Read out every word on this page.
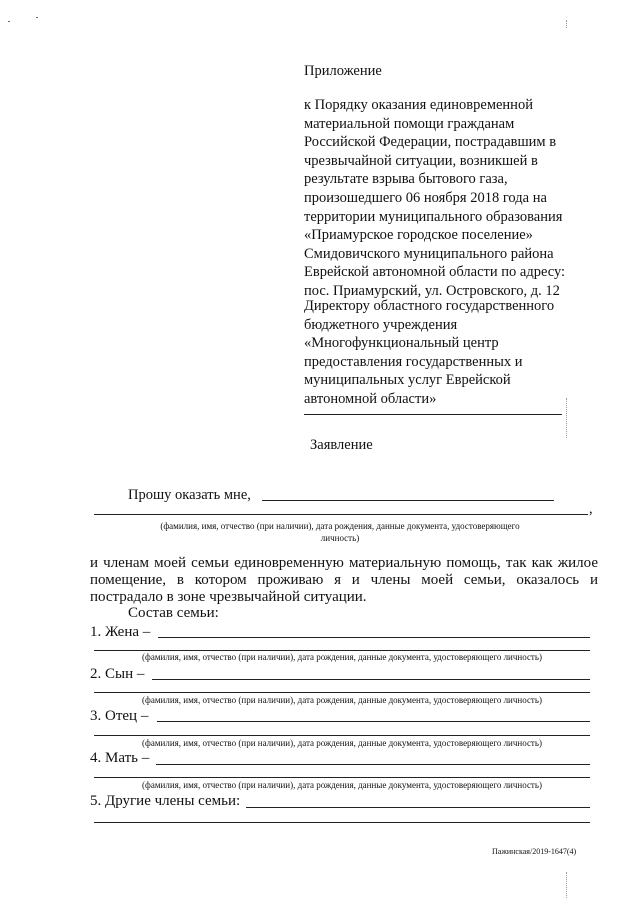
Приложение
к Порядку оказания единовременной
материальной помощи гражданам
Российской Федерации, пострадавшим в
чрезвычайной ситуации, возникшей в
результате взрыва бытового газа,
произошедшего 06 ноября 2018 года на
территории муниципального образования
«Приамурское городское поселение»
Смидовичского муниципального района
Еврейской автономной области по адресу:
пос. Приамурский, ул. Островского, д. 12
Директору областного государственного
бюджетного учреждения
«Многофункциональный центр
предоставления государственных и
муниципальных услуг Еврейской
автономной области»
Заявление
Прошу оказать мне,
,
(фамилия, имя, отчество (при наличии), дата рождения, данные документа, удостоверяющего
личность)
и членам моей семьи единовременную материальную помощь, так как жилое
помещение, в котором проживаю я и члены моей семьи, оказалось и
пострадало в зоне чрезвычайной ситуации.
Состав семьи:
1. Жена –
(фамилия, имя, отчество (при наличии), дата рождения, данные документа, удостоверяющего личность)
2. Сын –
(фамилия, имя, отчество (при наличии), дата рождения, данные документа, удостоверяющего личность)
3. Отец –
(фамилия, имя, отчество (при наличии), дата рождения, данные документа, удостоверяющего личность)
4. Мать –
(фамилия, имя, отчество (при наличии), дата рождения, данные документа, удостоверяющего личность)
5. Другие члены семьи:
Пажинская/2019-1647(4)
